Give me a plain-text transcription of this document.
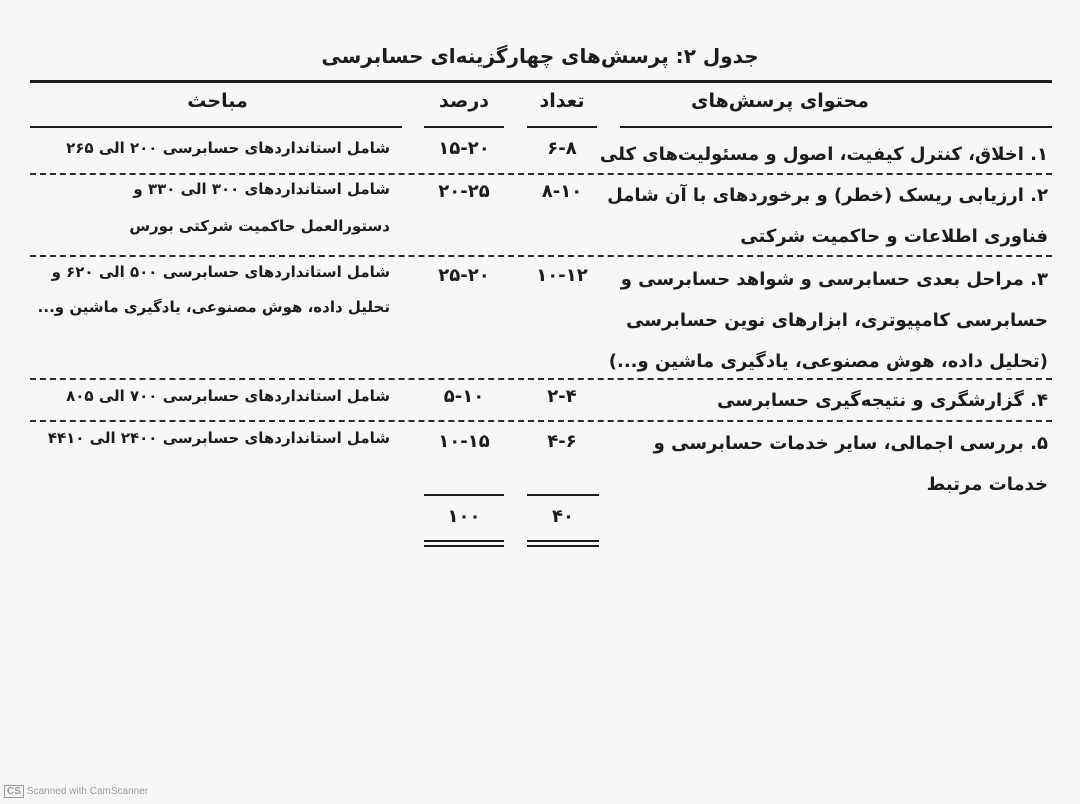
جدول ۲: پرسش‌های چهارگزینه‌ای حسابرسی
محتوای پرسش‌های
تعداد
درصد
مباحث
۱. اخلاق، کنترل کیفیت، اصول و مسئولیت‌های کلی
۶-۸
۱۵-۲۰
شامل استانداردهای حسابرسی ۲۰۰ الی ۲۶۵
۲. ارزیابی ریسک (خطر) و برخوردهای با آن شامل
فناوری اطلاعات و حاکمیت شرکتی
۸-۱۰
۲۰-۲۵
شامل استانداردهای ۳۰۰ الی ۳۳۰ و
دستورالعمل حاکمیت شرکتی بورس
۳. مراحل بعدی حسابرسی و شواهد حسابرسی و
حسابرسی کامپیوتری، ابزارهای نوین حسابرسی
(تحلیل داده، هوش مصنوعی، یادگیری ماشین و...)
۱۰-۱۲
۲۵-۲۰
شامل استانداردهای حسابرسی ۵۰۰ الی ۶۲۰ و
تحلیل داده، هوش مصنوعی، یادگیری ماشین و...
۴. گزارشگری و نتیجه‌گیری حسابرسی
۲-۴
۵-۱۰
شامل استانداردهای حسابرسی ۷۰۰ الی ۸۰۵
۵. بررسی اجمالی، سایر خدمات حسابرسی و
خدمات مرتبط
۴-۶
۱۰-۱۵
شامل استانداردهای حسابرسی ۲۴۰۰ الی ۴۴۱۰
۴۰
۱۰۰
CS Scanned with CamScanner
